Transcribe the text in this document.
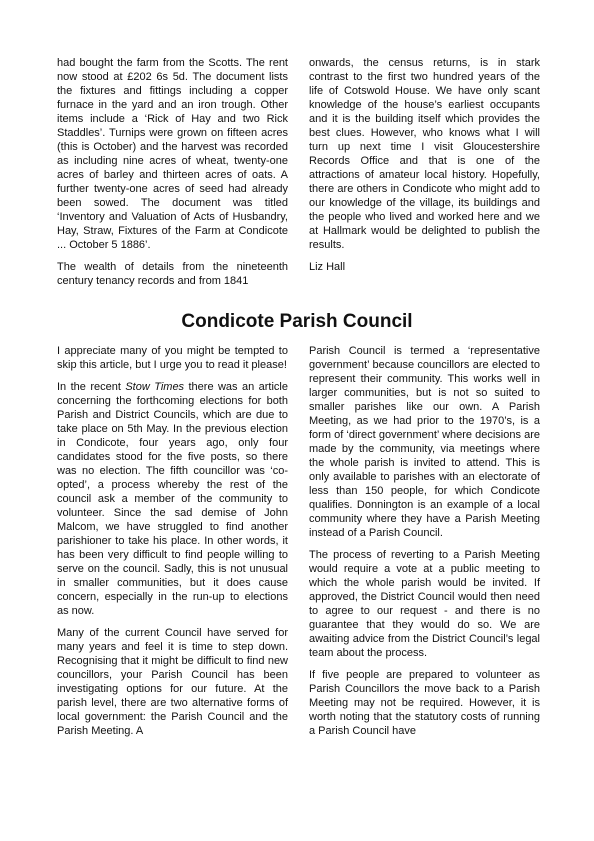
had bought the farm from the Scotts. The rent now stood at £202 6s 5d. The document lists the fixtures and fittings including a copper furnace in the yard and an iron trough. Other items include a ‘Rick of Hay and two Rick Staddles’. Turnips were grown on fifteen acres (this is October) and the harvest was recorded as including nine acres of wheat, twenty-one acres of barley and thirteen acres of oats. A further twenty-one acres of seed had already been sowed. The document was titled ‘Inventory and Valuation of Acts of Husbandry, Hay, Straw, Fixtures of the Farm at Condicote ... October 5 1886’.

The wealth of details from the nineteenth century tenancy records and from 1841

onwards, the census returns, is in stark contrast to the first two hundred years of the life of Cotswold House. We have only scant knowledge of the house’s earliest occupants and it is the building itself which provides the best clues. However, who knows what I will turn up next time I visit Gloucestershire Records Office and that is one of the attractions of amateur local history. Hopefully, there are others in Condicote who might add to our knowledge of the village, its buildings and the people who lived and worked here and we at Hallmark would be delighted to publish the results.

Liz Hall

Condicote Parish Council

I appreciate many of you might be tempted to skip this article, but I urge you to read it please!

In the recent Stow Times there was an article concerning the forthcoming elections for both Parish and District Councils, which are due to take place on 5th May. In the previous election in Condicote, four years ago, only four candidates stood for the five posts, so there was no election. The fifth councillor was ‘co-opted’, a process whereby the rest of the council ask a member of the community to volunteer. Since the sad demise of John Malcom, we have struggled to find another parishioner to take his place. In other words, it has been very difficult to find people willing to serve on the council. Sadly, this is not unusual in smaller communities, but it does cause concern, especially in the run-up to elections as now.

Many of the current Council have served for many years and feel it is time to step down. Recognising that it might be difficult to find new councillors, your Parish Council has been investigating options for our future. At the parish level, there are two alternative forms of local government: the Parish Council and the Parish Meeting. A

Parish Council is termed a ‘representative government’ because councillors are elected to represent their community. This works well in larger communities, but is not so suited to smaller parishes like our own. A Parish Meeting, as we had prior to the 1970’s, is a form of ‘direct government’ where decisions are made by the community, via meetings where the whole parish is invited to attend. This is only available to parishes with an electorate of less than 150 people, for which Condicote qualifies. Donnington is an example of a local community where they have a Parish Meeting instead of a Parish Council.

The process of reverting to a Parish Meeting would require a vote at a public meeting to which the whole parish would be invited. If approved, the District Council would then need to agree to our request - and there is no guarantee that they would do so. We are awaiting advice from the District Council’s legal team about the process.

If five people are prepared to volunteer as Parish Councillors the move back to a Parish Meeting may not be required. However, it is worth noting that the statutory costs of running a Parish Council have
